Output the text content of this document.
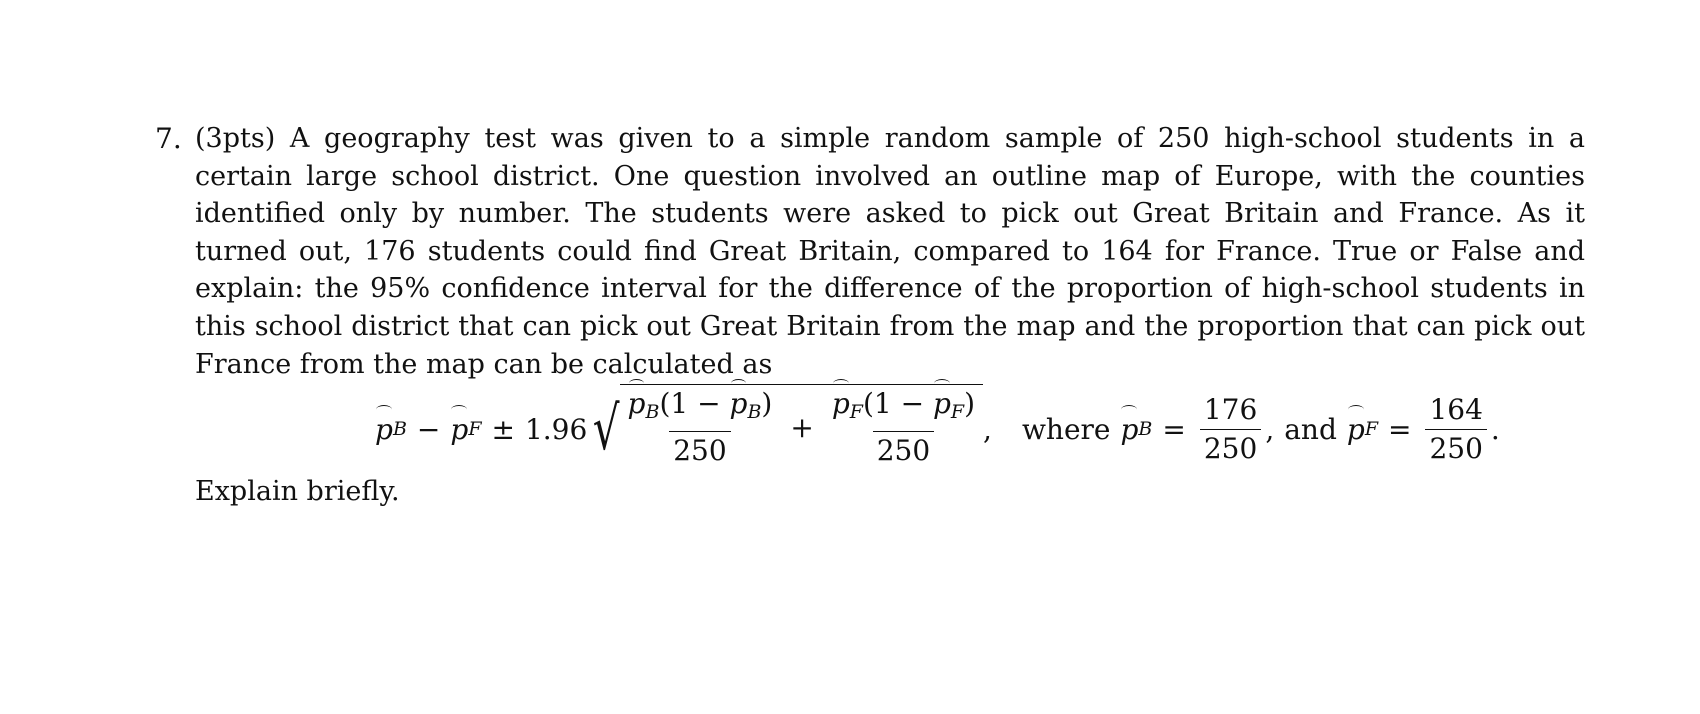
7. (3pts) A geography test was given to a simple random sample of 250 high-school students in a certain large school district. One question involved an outline map of Europe, with the counties identified only by number. The students were asked to pick out Great Britain and France. As it turned out, 176 students could find Great Britain, compared to 164 for France. True or False and explain: the 95% confidence interval for the difference of the proportion of high-school students in this school district that can pick out Great Britain from the map and the proportion that can pick out France from the map can be calculated as

p B − p F ± 1.96 √ $\frac{p_B(1 - p_B)}{250} + \frac{p_F(1 - p_F)}{250}$ , where p $B = \frac{176}{250}$ , and p $F = \frac{164}{250}$ .

Explain briefly.
